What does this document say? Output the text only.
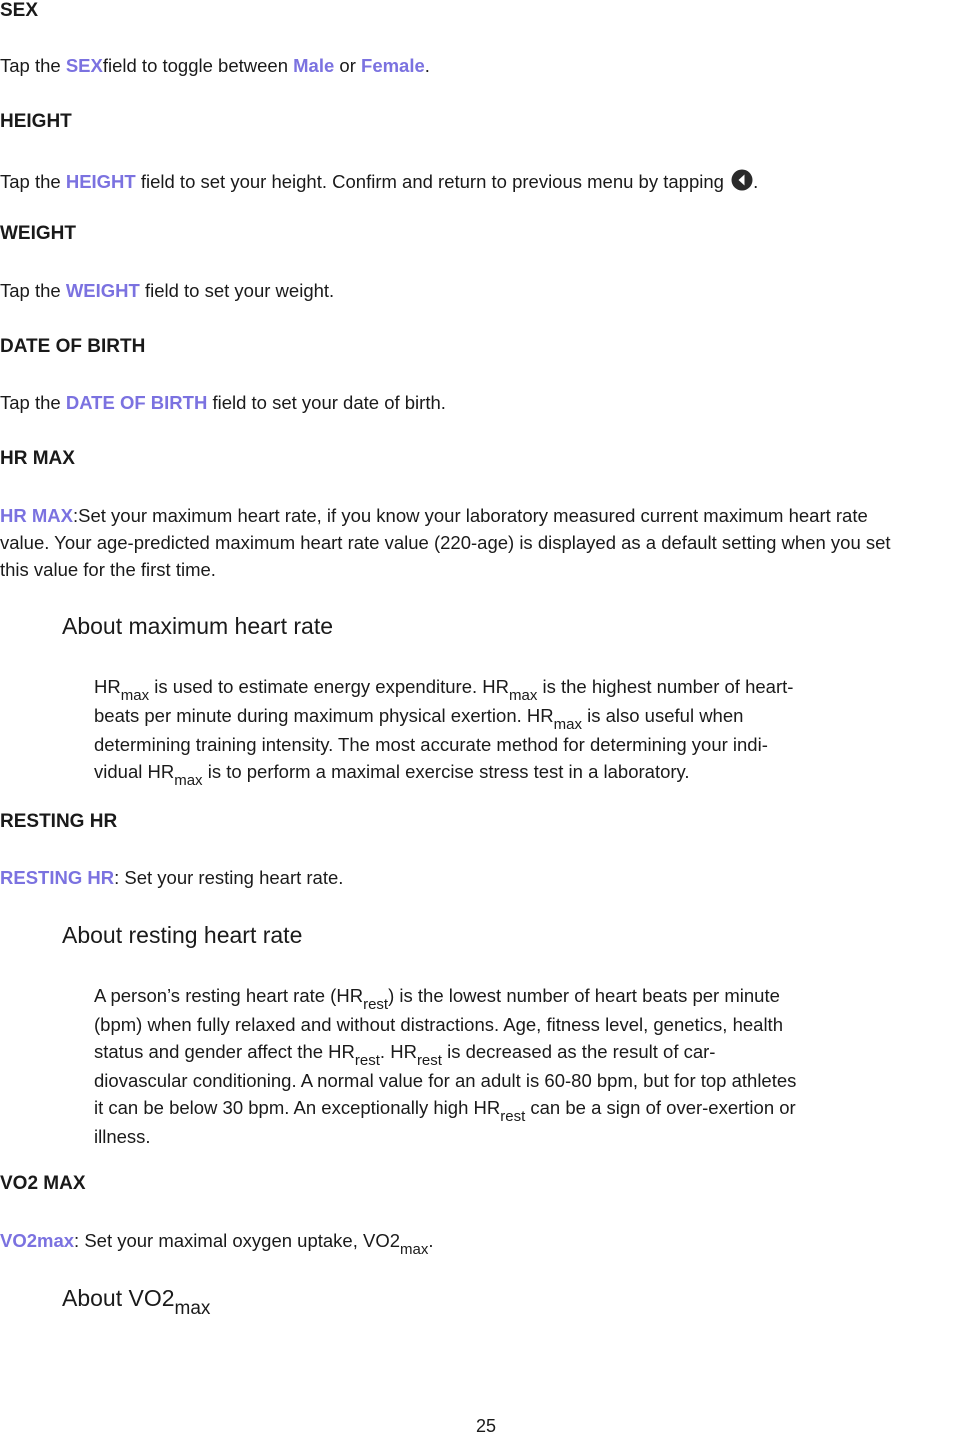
SEX
Tap the SEXfield to toggle between Male or Female.
HEIGHT
Tap the HEIGHT field to set your height. Confirm and return to previous menu by tapping .
WEIGHT
Tap the WEIGHT field to set your weight.
DATE OF BIRTH
Tap the DATE OF BIRTH field to set your date of birth.
HR MAX
HR MAX:Set your maximum heart rate, if you know your laboratory measured current maximum heart rate
value. Your age-predicted maximum heart rate value (220-age) is displayed as a default setting when you set
this value for the first time.
About maximum heart rate
$HR_{max}$ is used to estimate energy expenditure. $HR_{max}$ is the highest number of heart-
beats per minute during maximum physical exertion. $HR_{max}$ is also useful when
determining training intensity. The most accurate method for determining your indi-
vidual $HR_{max}$ is to perform a maximal exercise stress test in a laboratory.
RESTING HR
RESTING HR: Set your resting heart rate.
About resting heart rate
A person’s resting heart rate $(HR_{rest})$ is the lowest number of heart beats per minute
(bpm) when fully relaxed and without distractions. Age, fitness level, genetics, health
status and gender affect the $HR_{rest}$. $HR_{rest}$ is decreased as the result of car-
diovascular conditioning. A normal value for an adult is 60-80 bpm, but for top athletes
it can be below 30 bpm. An exceptionally high $HR_{rest}$ can be a sign of over-exertion or
illness.
VO2 MAX
VO2max: Set your maximal oxygen uptake, $VO2_{max}$.
About $VO2_{max}$
25
